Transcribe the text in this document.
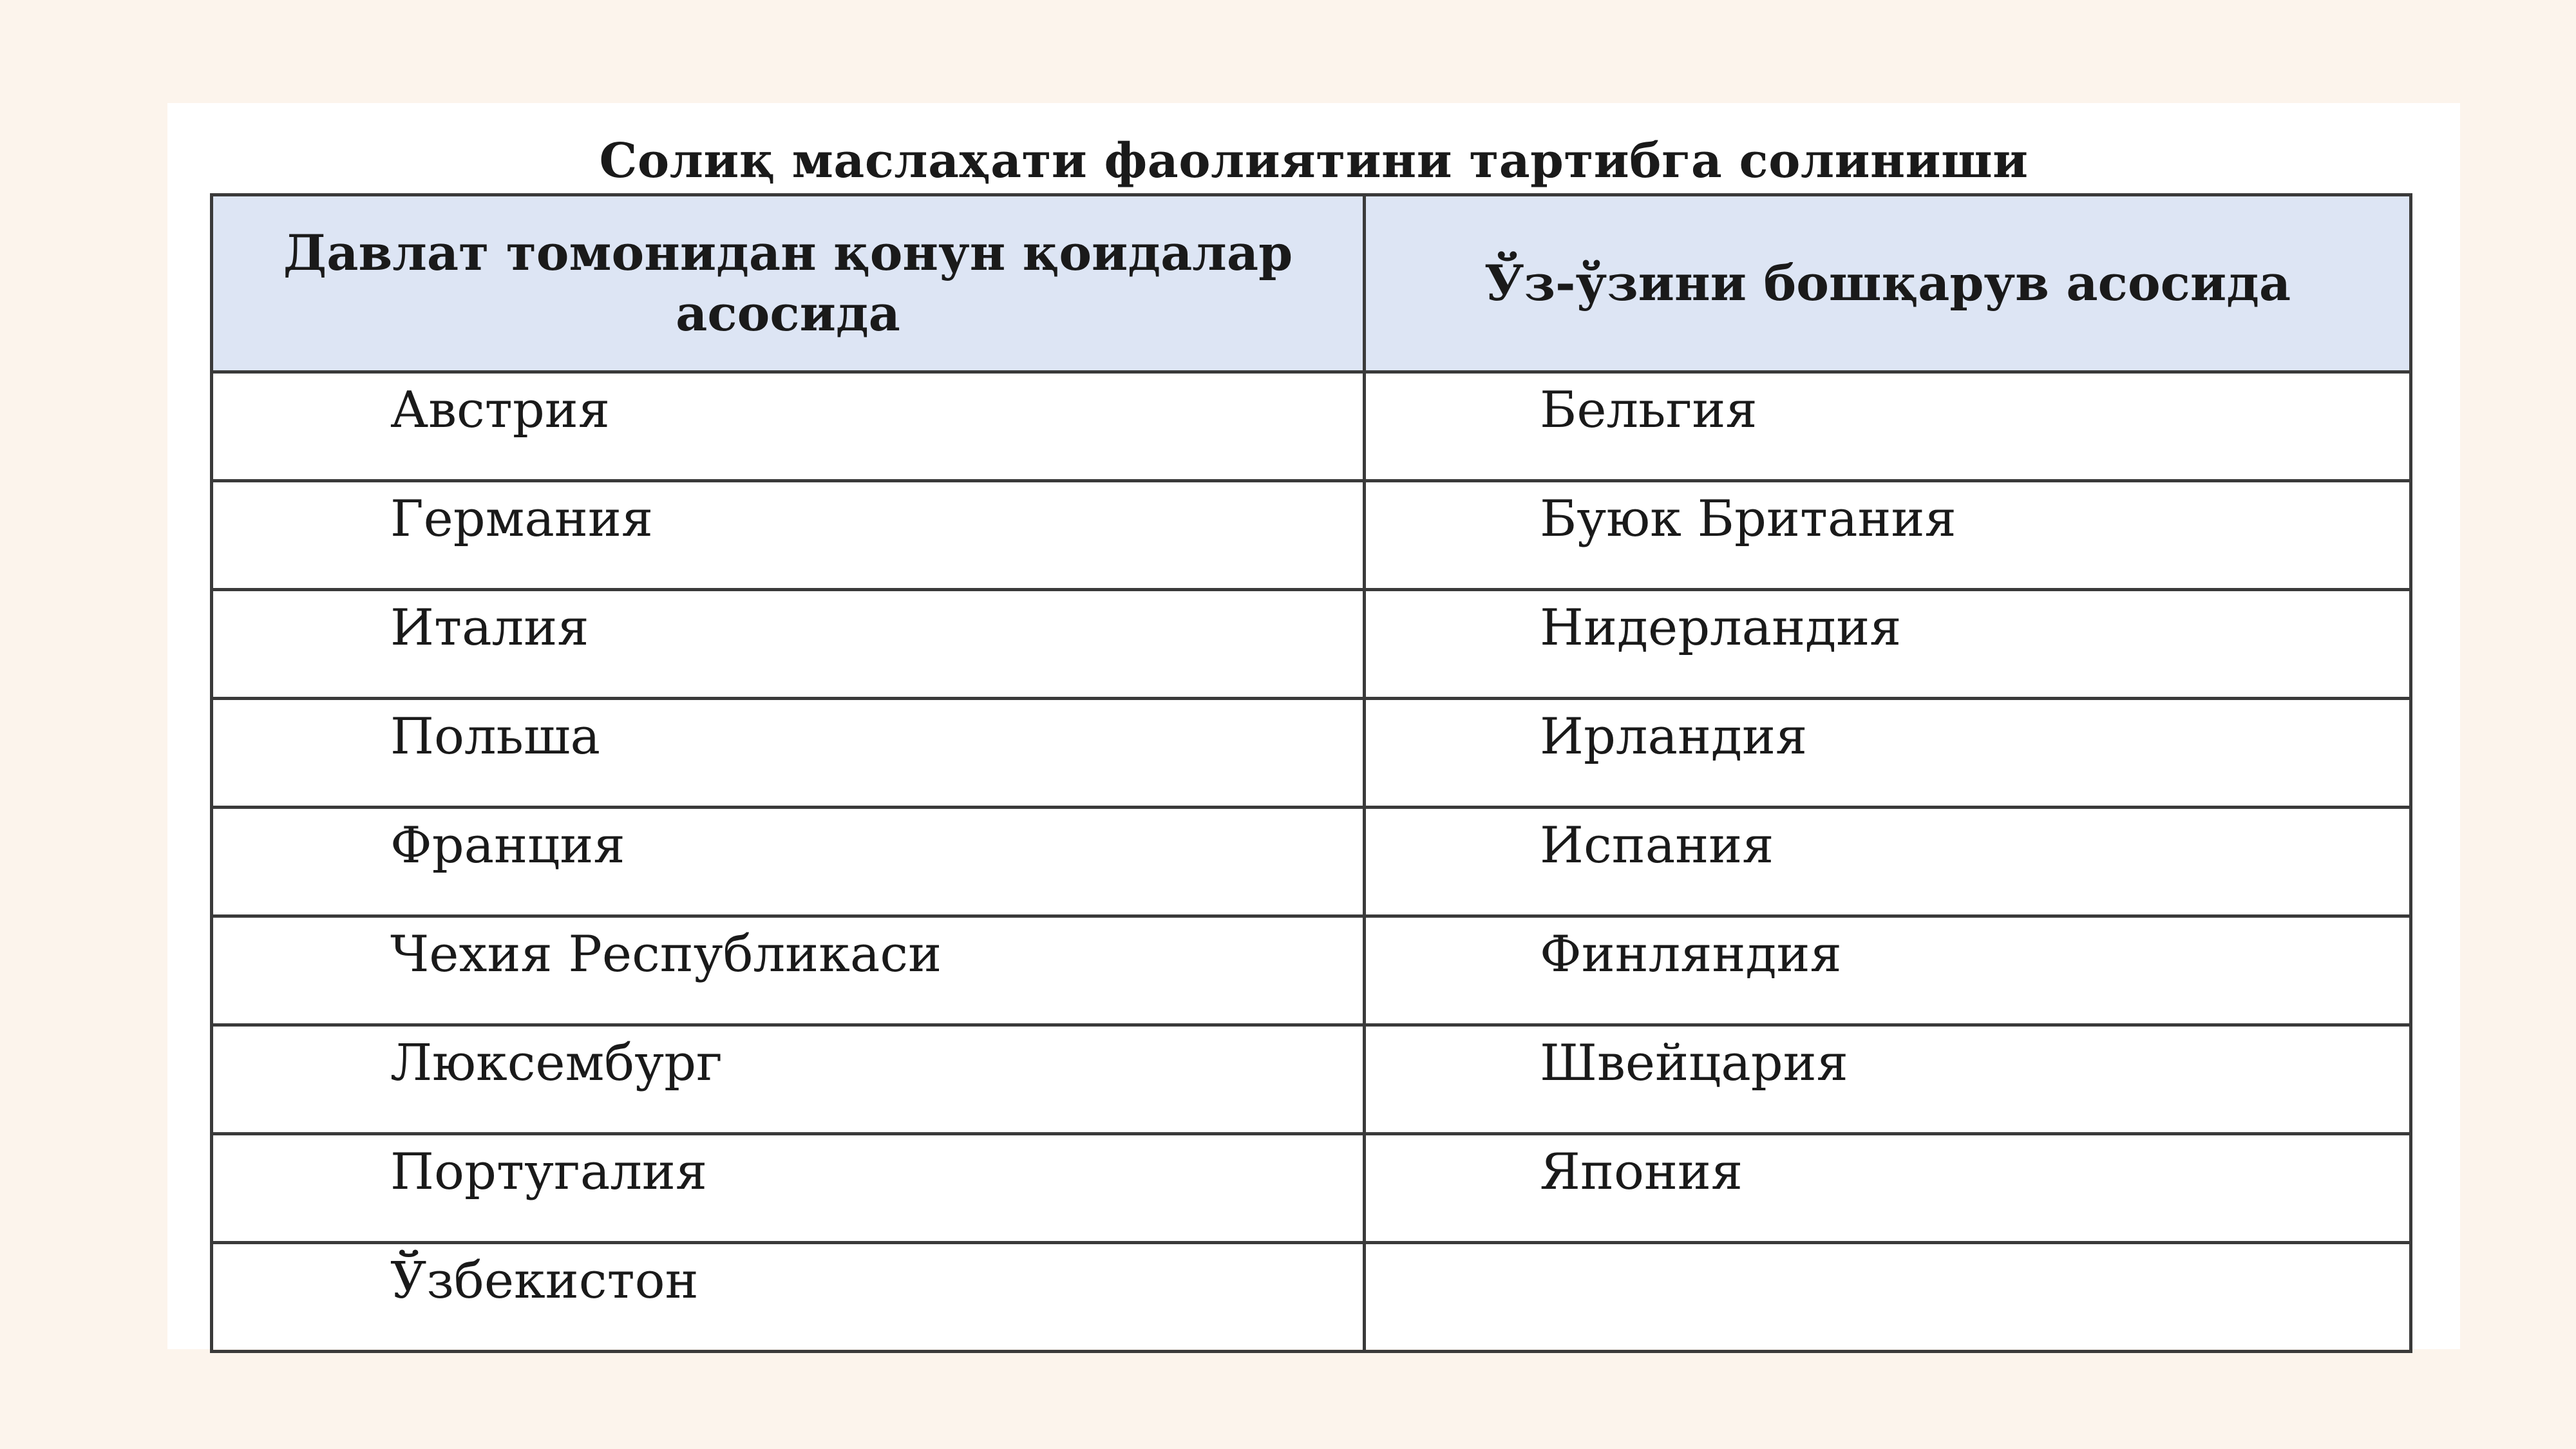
Солиқ маслаҳати фаолиятини тартибга солиниши
Давлат томонидан қонун қоидалар асосида	Ўз-ўзини бошқарув асосида
Австрия	Бельгия
Германия	Буюк Британия
Италия	Нидерландия
Польша	Ирландия
Франция	Испания
Чехия Республикаси	Финляндия
Люксембург	Швейцария
Португалия	Япония
Ўзбекистон	
